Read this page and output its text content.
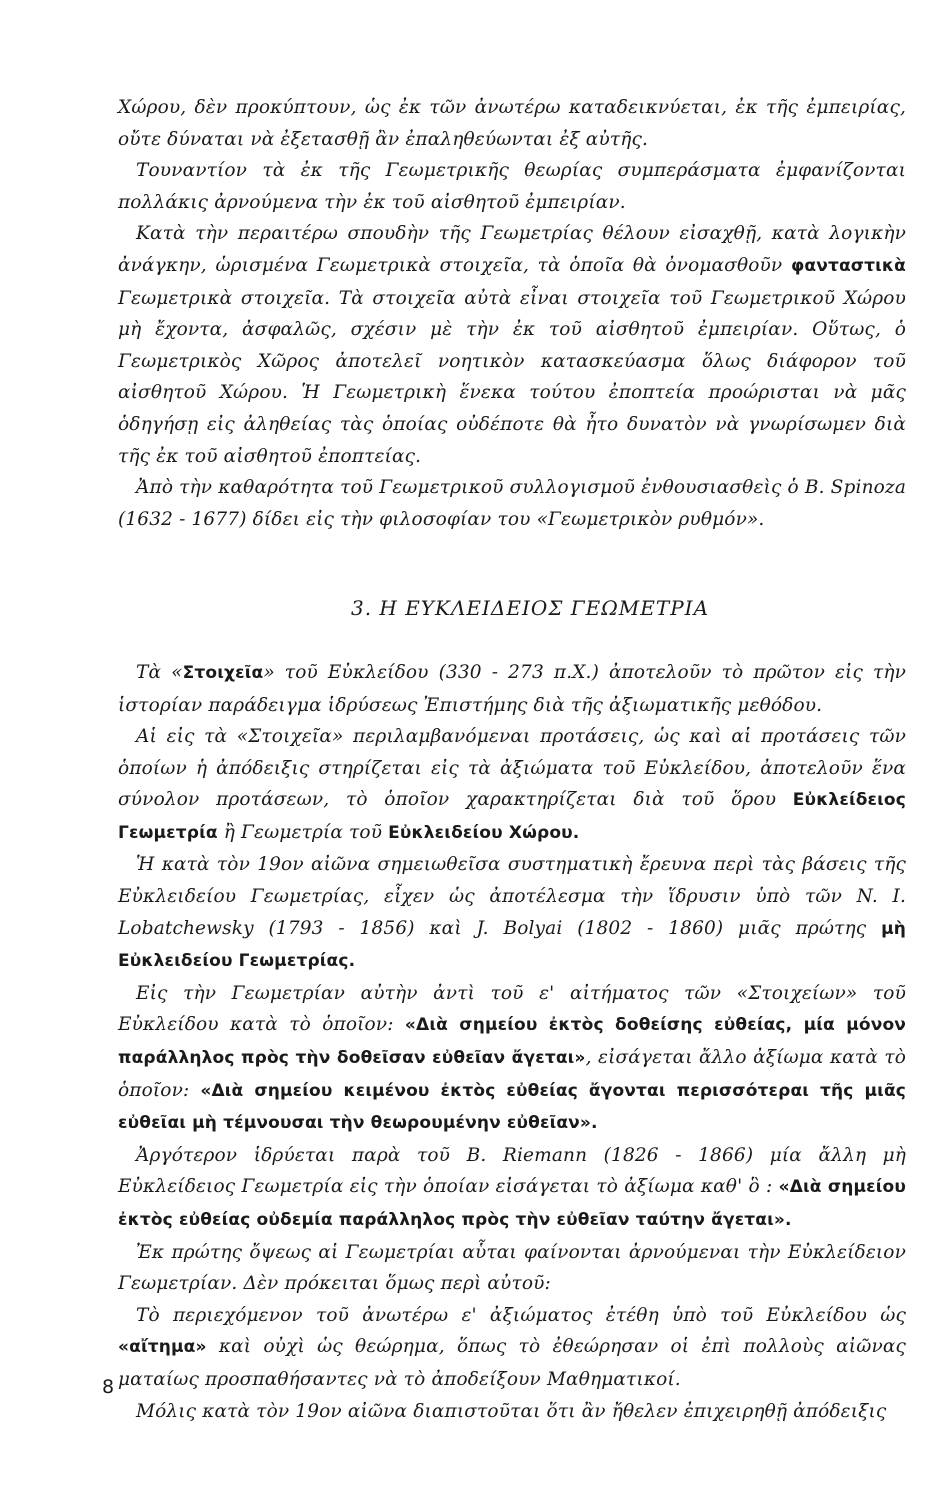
Χώρου, δὲν προκύπτουν, ὡς ἐκ τῶν ἀνωτέρω καταδεικνύεται, ἐκ τῆς ἐμπειρίας, οὔτε δύναται νὰ ἐξετασθῇ ἂν ἐπαληθεύωνται ἐξ αὐτῆς.

Τουναντίον τὰ ἐκ τῆς Γεωμετρικῆς θεωρίας συμπεράσματα ἐμφανίζονται πολλάκις ἀρνούμενα τὴν ἐκ τοῦ αἰσθητοῦ ἐμπειρίαν.

Κατὰ τὴν περαιτέρω σπουδὴν τῆς Γεωμετρίας θέλουν εἰσαχθῇ, κατὰ λογικὴν ἀνάγκην, ὡρισμένα Γεωμετρικὰ στοιχεῖα, τὰ ὁποῖα θὰ ὀνομασθοῦν φανταστικὰ Γεωμετρικὰ στοιχεῖα. Τὰ στοιχεῖα αὐτὰ εἶναι στοιχεῖα τοῦ Γεωμετρικοῦ Χώρου μὴ ἔχοντα, ἀσφαλῶς, σχέσιν μὲ τὴν ἐκ τοῦ αἰσθητοῦ ἐμπειρίαν. Οὕτως, ὁ Γεωμετρικὸς Χῶρος ἀποτελεῖ νοητικὸν κατασκεύασμα ὅλως διάφορον τοῦ αἰσθητοῦ Χώρου. Ἡ Γεωμετρικὴ ἕνεκα τούτου ἐποπτεία προώρισται νὰ μᾶς ὁδηγήσῃ εἰς ἀληθείας τὰς ὁποίας οὐδέποτε θὰ ἦτο δυνατὸν νὰ γνωρίσωμεν διὰ τῆς ἐκ τοῦ αἰσθητοῦ ἐποπτείας.

Ἀπὸ τὴν καθαρότητα τοῦ Γεωμετρικοῦ συλλογισμοῦ ἐνθουσιασθεὶς ὁ B. Spinoza (1632 - 1677) δίδει εἰς τὴν φιλοσοφίαν του «Γεωμετρικὸν ρυθμόν».

3. Η ΕΥΚΛΕΙΔΕΙΟΣ ΓΕΩΜΕΤΡΙΑ

Τὰ «Στοιχεῖα» τοῦ Εὐκλείδου (330 - 273 π.Χ.) ἀποτελοῦν τὸ πρῶτον εἰς τὴν ἱστορίαν παράδειγμα ἱδρύσεως Ἐπιστήμης διὰ τῆς ἀξιωματικῆς μεθόδου.

Αἱ εἰς τὰ «Στοιχεῖα» περιλαμβανόμεναι προτάσεις, ὡς καὶ αἱ προτάσεις τῶν ὁποίων ἡ ἀπόδειξις στηρίζεται εἰς τὰ ἀξιώματα τοῦ Εὐκλείδου, ἀποτελοῦν ἕνα σύνολον προτάσεων, τὸ ὁποῖον χαρακτηρίζεται διὰ τοῦ ὅρου Εὐκλείδειος Γεωμετρία ἢ Γεωμετρία τοῦ Εὐκλειδείου Χώρου.

Ἡ κατὰ τὸν 19ον αἰῶνα σημειωθεῖσα συστηματικὴ ἔρευνα περὶ τὰς βάσεις τῆς Εὐκλειδείου Γεωμετρίας, εἶχεν ὡς ἀποτέλεσμα τὴν ἵδρυσιν ὑπὸ τῶν N. I. Lobatchewsky (1793 - 1856) καὶ J. Bolyai (1802 - 1860) μιᾶς πρώτης μὴ Εὐκλειδείου Γεωμετρίας.

Εἰς τὴν Γεωμετρίαν αὐτὴν ἀντὶ τοῦ ε' αἰτήματος τῶν «Στοιχείων» τοῦ Εὐκλείδου κατὰ τὸ ὁποῖον: «Διὰ σημείου ἐκτὸς δοθείσης εὐθείας, μία μόνον παράλληλος πρὸς τὴν δοθεῖσαν εὐθεῖαν ἄγεται», εἰσάγεται ἄλλο ἀξίωμα κατὰ τὸ ὁποῖον: «Διὰ σημείου κειμένου ἐκτὸς εὐθείας ἄγονται περισσότεραι τῆς μιᾶς εὐθεῖαι μὴ τέμνουσαι τὴν θεωρουμένην εὐθεῖαν».

Ἀργότερον ἱδρύεται παρὰ τοῦ B. Riemann (1826 - 1866) μία ἄλλη μὴ Εὐκλείδειος Γεωμετρία εἰς τὴν ὁποίαν εἰσάγεται τὸ ἀξίωμα καθ' ὃ : «Διὰ σημείου ἐκτὸς εὐθείας οὐδεμία παράλληλος πρὸς τὴν εὐθεῖαν ταύτην ἄγεται».

Ἐκ πρώτης ὄψεως αἱ Γεωμετρίαι αὗται φαίνονται ἀρνούμεναι τὴν Εὐκλείδειον Γεωμετρίαν. Δὲν πρόκειται ὅμως περὶ αὐτοῦ:

Τὸ περιεχόμενον τοῦ ἀνωτέρω ε' ἀξιώματος ἐτέθη ὑπὸ τοῦ Εὐκλείδου ὡς «αἴτημα» καὶ οὐχὶ ὡς θεώρημα, ὅπως τὸ ἐθεώρησαν οἱ ἐπὶ πολλοὺς αἰῶνας ματαίως προσπαθήσαντες νὰ τὸ ἀποδείξουν Μαθηματικοί.

Μόλις κατὰ τὸν 19ον αἰῶνα διαπιστοῦται ὅτι ἂν ἤθελεν ἐπιχειρηθῇ ἀπόδειξις

8
